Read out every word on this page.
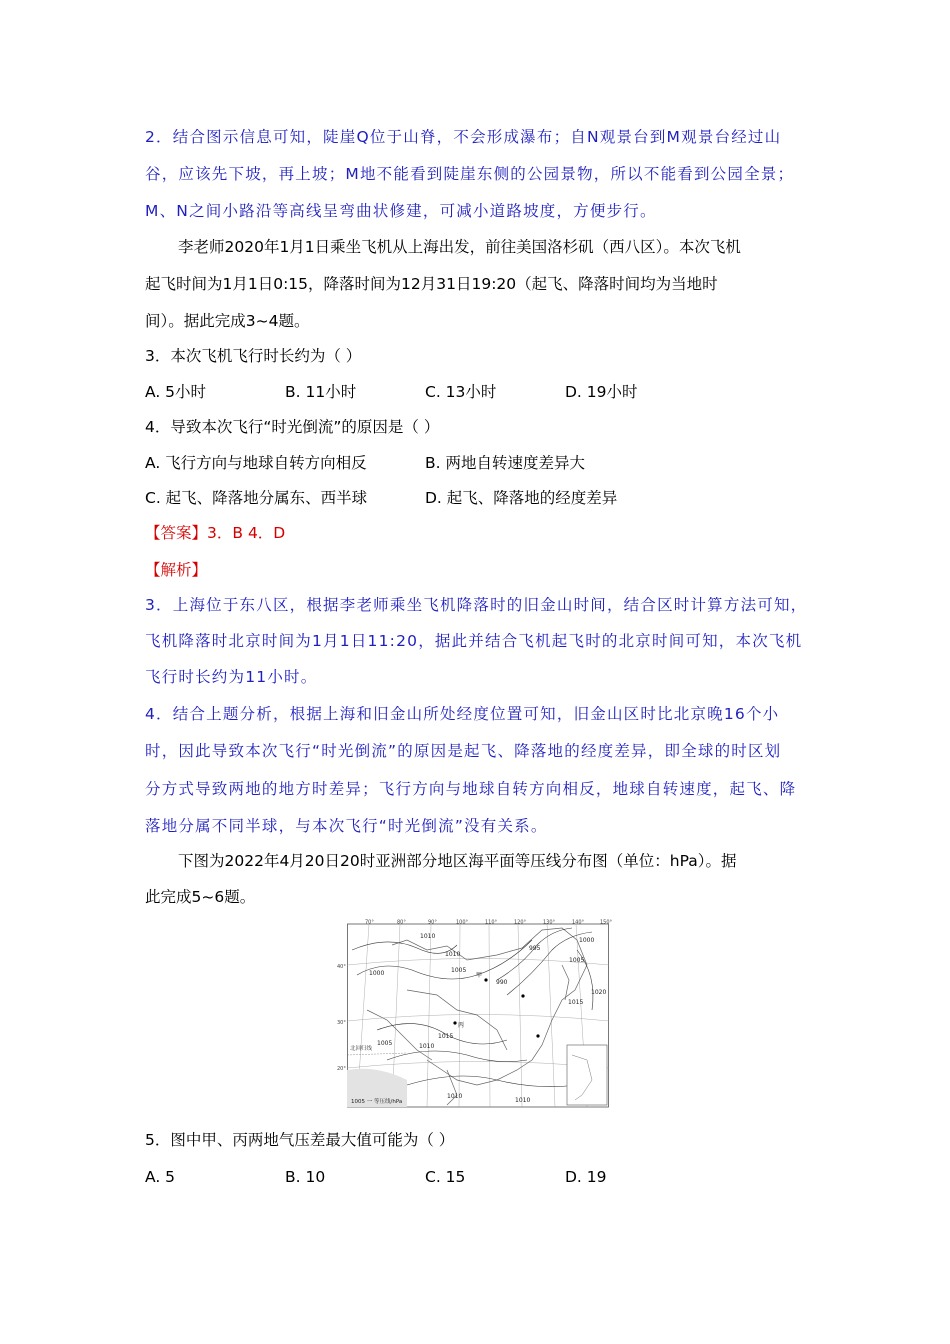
2．结合图示信息可知，陡崖Q位于山脊，不会形成瀑布；自N观景台到M观景台经过山
谷，应该先下坡，再上坡；M地不能看到陡崖东侧的公园景物，所以不能看到公园全景；
M、N之间小路沿等高线呈弯曲状修建，可减小道路坡度，方便步行。
李老师2020年1月1日乘坐飞机从上海出发，前往美国洛杉矶（西八区）。本次飞机
起飞时间为1月1日0:15，降落时间为12月31日19:20（起飞、降落时间均为当地时
间）。据此完成3~4题。
3．本次飞机飞行时长约为（ ）
A. 5小时	B. 11小时	C. 13小时	D. 19小时
4．导致本次飞行“时光倒流”的原因是（ ）
A. 飞行方向与地球自转方向相反	B. 两地自转速度差异大
C. 起飞、降落地分属东、西半球	D. 起飞、降落地的经度差异
【答案】3．B 4．D
【解析】
3．上海位于东八区，根据李老师乘坐飞机降落时的旧金山时间，结合区时计算方法可知，
飞机降落时北京时间为1月1日11:20，据此并结合飞机起飞时的北京时间可知，本次飞机
飞行时长约为11小时。
4．结合上题分析，根据上海和旧金山所处经度位置可知，旧金山区时比北京晚16个小
时，因此导致本次飞行“时光倒流”的原因是起飞、降落地的经度差异，即全球的时区划
分方式导致两地的地方时差异；飞行方向与地球自转方向相反，地球自转速度，起飞、降
落地分属不同半球，与本次飞行“时光倒流”没有关系。
下图为2022年4月20日20时亚洲部分地区海平面等压线分布图（单位：hPa）。据
此完成5~6题。
70°	80°	90°	100°	110°	120°	130°	140°	150°
40°
30°
20°
1010
1010
1005
1000
995
990
1000
1005
1015
1020
1015
1005	1010
1010
1010
甲
丙
北回归线
1005 一 等压线/hPa
5．图中甲、丙两地气压差最大值可能为（ ）
A. 5	B. 10	C. 15	D. 19
